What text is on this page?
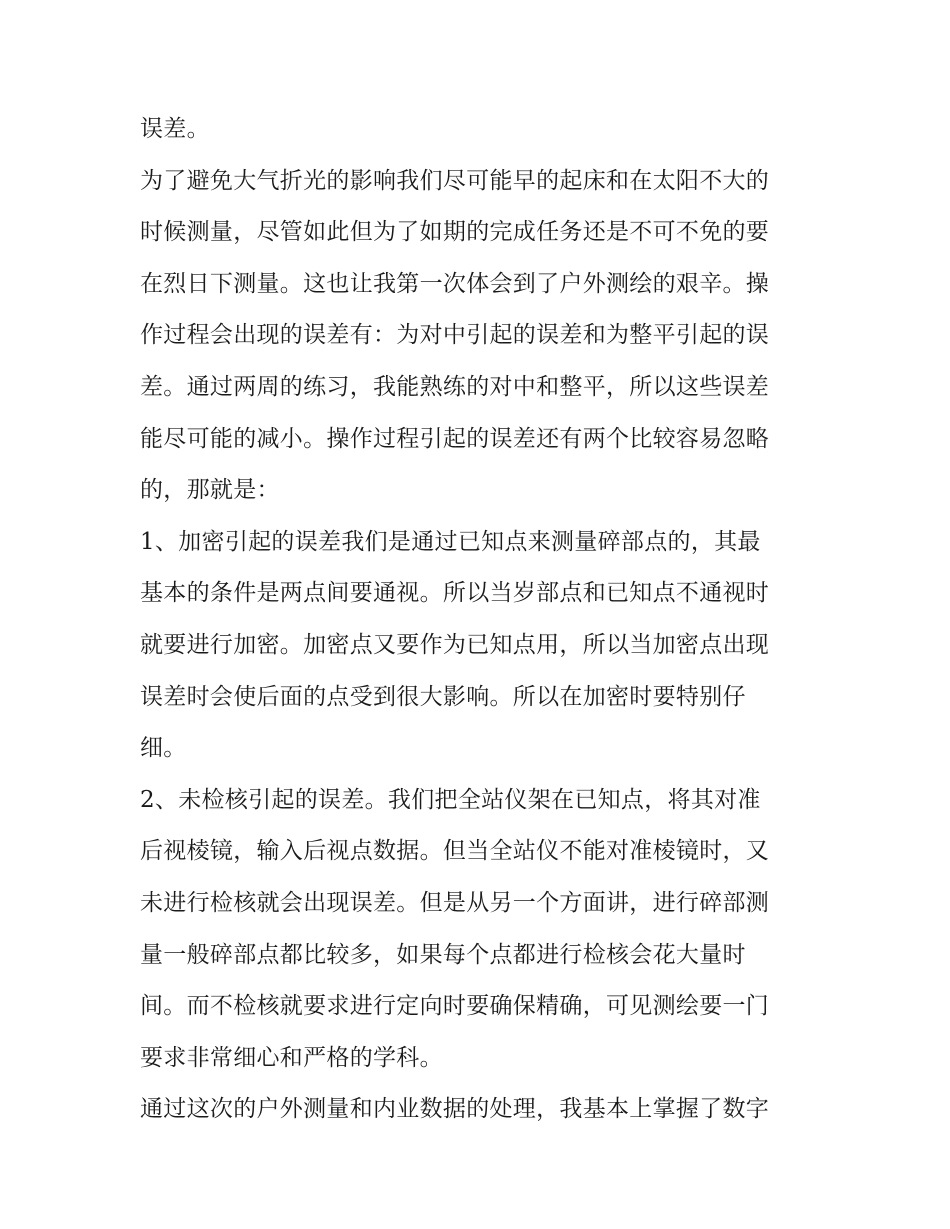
误差。
为了避免大气折光的影响我们尽可能早的起床和在太阳不大的
时候测量，尽管如此但为了如期的完成任务还是不可不免的要
在烈日下测量。这也让我第一次体会到了户外测绘的艰辛。操
作过程会出现的误差有：为对中引起的误差和为整平引起的误
差。通过两周的练习，我能熟练的对中和整平，所以这些误差
能尽可能的减小。操作过程引起的误差还有两个比较容易忽略
的，那就是：
1、加密引起的误差我们是通过已知点来测量碎部点的，其最
基本的条件是两点间要通视。所以当岁部点和已知点不通视时
就要进行加密。加密点又要作为已知点用，所以当加密点出现
误差时会使后面的点受到很大影响。所以在加密时要特别仔
细。
2、未检核引起的误差。我们把全站仪架在已知点，将其对准
后视棱镜，输入后视点数据。但当全站仪不能对准棱镜时，又
未进行检核就会出现误差。但是从另一个方面讲，进行碎部测
量一般碎部点都比较多，如果每个点都进行检核会花大量时
间。而不检核就要求进行定向时要确保精确，可见测绘要一门
要求非常细心和严格的学科。
通过这次的户外测量和内业数据的处理，我基本上掌握了数字
